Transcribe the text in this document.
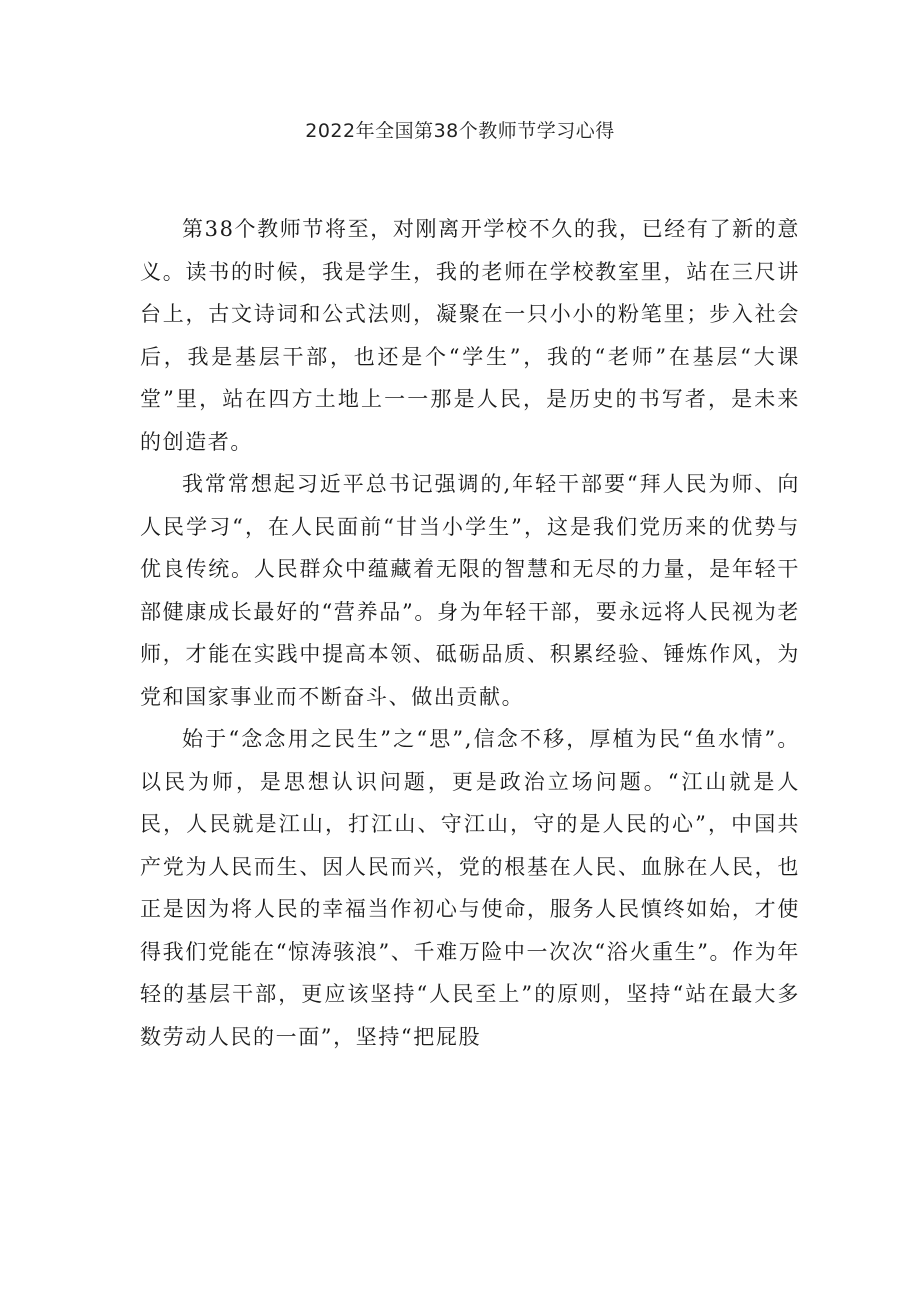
2022年全国第38个教师节学习心得

第38个教师节将至，对刚离开学校不久的我，已经有了新的意义。读书的时候，我是学生，我的老师在学校教室里，站在三尺讲台上，古文诗词和公式法则，凝聚在一只小小的粉笔里；步入社会后，我是基层干部，也还是个“学生”，我的“老师”在基层“大课堂”里，站在四方土地上一一那是人民，是历史的书写者，是未来的创造者。

我常常想起习近平总书记强调的,年轻干部要“拜人民为师、向人民学习“，在人民面前“甘当小学生”，这是我们党历来的优势与优良传统。人民群众中蕴藏着无限的智慧和无尽的力量，是年轻干部健康成长最好的“营养品”。身为年轻干部，要永远将人民视为老师，才能在实践中提高本领、砥砺品质、积累经验、锤炼作风，为党和国家事业而不断奋斗、做出贡献。

始于“念念用之民生”之“思”,信念不移，厚植为民“鱼水情”。以民为师，是思想认识问题，更是政治立场问题。“江山就是人民，人民就是江山，打江山、守江山，守的是人民的心”，中国共产党为人民而生、因人民而兴，党的根基在人民、血脉在人民，也正是因为将人民的幸福当作初心与使命，服务人民慎终如始，才使得我们党能在“惊涛骇浪”、千难万险中一次次“浴火重生”。作为年轻的基层干部，更应该坚持“人民至上”的原则，坚持“站在最大多数劳动人民的一面”，坚持“把屁股
